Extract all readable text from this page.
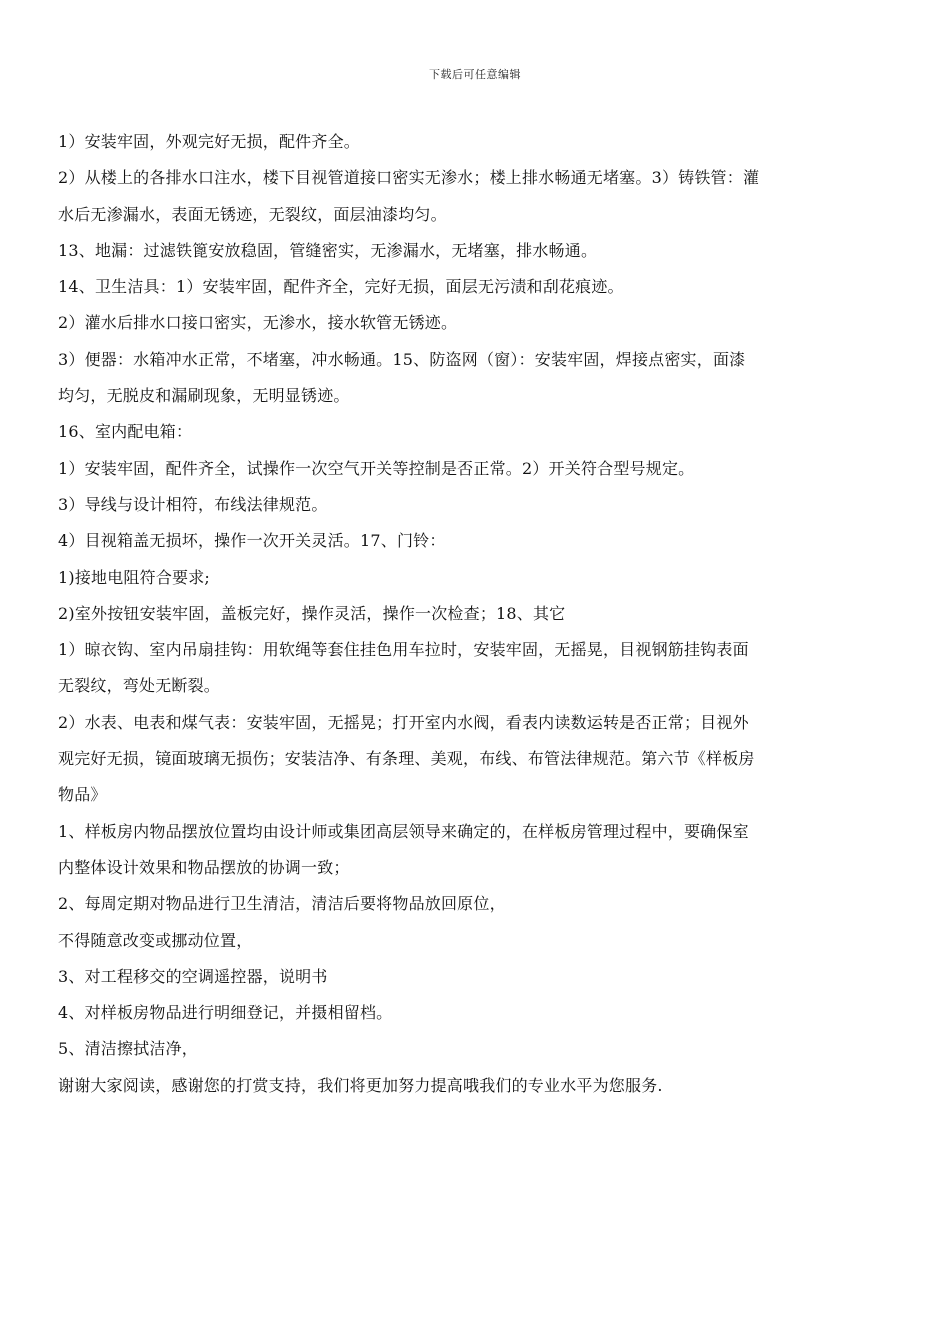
下载后可任意编辑
1）安装牢固，外观完好无损，配件齐全。
2）从楼上的各排水口注水，楼下目视管道接口密实无渗水；楼上排水畅通无堵塞。3）铸铁管：灌
水后无渗漏水，表面无锈迹，无裂纹，面层油漆均匀。
13、地漏：过滤铁篦安放稳固，管缝密实，无渗漏水，无堵塞，排水畅通。
14、卫生洁具：1）安装牢固，配件齐全，完好无损，面层无污渍和刮花痕迹。
2）灌水后排水口接口密实，无渗水，接水软管无锈迹。
3）便器：水箱冲水正常，不堵塞，冲水畅通。15、防盗网（窗）：安装牢固，焊接点密实，面漆
均匀，无脱皮和漏刷现象，无明显锈迹。
16、室内配电箱：
1）安装牢固，配件齐全，试操作一次空气开关等控制是否正常。2）开关符合型号规定。
3）导线与设计相符，布线法律规范。
4）目视箱盖无损坏，操作一次开关灵活。17、门铃：
1)接地电阻符合要求;
2)室外按钮安装牢固，盖板完好，操作灵活，操作一次检查；18、其它
1）晾衣钩、室内吊扇挂钩：用软绳等套住挂色用车拉时，安装牢固，无摇晃，目视钢筋挂钩表面
无裂纹，弯处无断裂。
2）水表、电表和煤气表：安装牢固，无摇晃；打开室内水阀，看表内读数运转是否正常；目视外
观完好无损，镜面玻璃无损伤；安装洁净、有条理、美观，布线、布管法律规范。第六节《样板房
物品》
1、样板房内物品摆放位置均由设计师或集团高层领导来确定的，在样板房管理过程中，要确保室
内整体设计效果和物品摆放的协调一致；
2、每周定期对物品进行卫生清洁，清洁后要将物品放回原位，
不得随意改变或挪动位置，
3、对工程移交的空调遥控器，说明书
4、对样板房物品进行明细登记，并摄相留档。
5、清洁擦拭洁净，
谢谢大家阅读，感谢您的打赏支持，我们将更加努力提高哦我们的专业水平为您服务.
